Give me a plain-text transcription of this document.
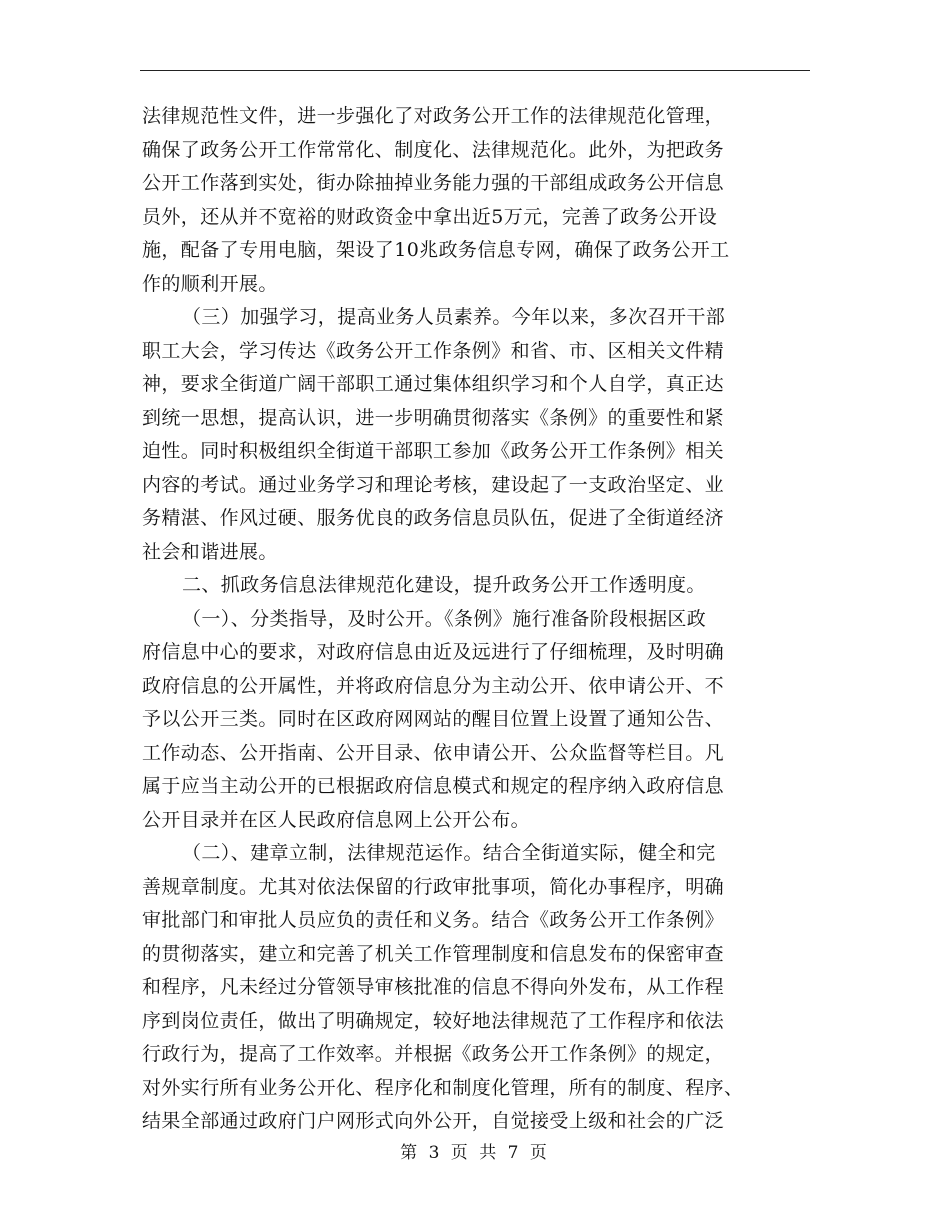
法律规范性文件，进一步强化了对政务公开工作的法律规范化管理，
确保了政务公开工作常常化、制度化、法律规范化。此外，为把政务
公开工作落到实处，街办除抽掉业务能力强的干部组成政务公开信息
员外，还从并不宽裕的财政资金中拿出近5万元，完善了政务公开设
施，配备了专用电脑，架设了10兆政务信息专网，确保了政务公开工
作的顺利开展。
（三）加强学习，提高业务人员素养。今年以来，多次召开干部
职工大会，学习传达《政务公开工作条例》和省、市、区相关文件精
神，要求全街道广阔干部职工通过集体组织学习和个人自学，真正达
到统一思想，提高认识，进一步明确贯彻落实《条例》的重要性和紧
迫性。同时积极组织全街道干部职工参加《政务公开工作条例》相关
内容的考试。通过业务学习和理论考核，建设起了一支政治坚定、业
务精湛、作风过硬、服务优良的政务信息员队伍，促进了全街道经济
社会和谐进展。
二、抓政务信息法律规范化建设，提升政务公开工作透明度。
（一）、分类指导，及时公开。《条例》施行准备阶段根据区政
府信息中心的要求，对政府信息由近及远进行了仔细梳理，及时明确
政府信息的公开属性，并将政府信息分为主动公开、依申请公开、不
予以公开三类。同时在区政府网网站的醒目位置上设置了通知公告、
工作动态、公开指南、公开目录、依申请公开、公众监督等栏目。凡
属于应当主动公开的已根据政府信息模式和规定的程序纳入政府信息
公开目录并在区人民政府信息网上公开公布。
（二）、建章立制，法律规范运作。结合全街道实际，健全和完
善规章制度。尤其对依法保留的行政审批事项，简化办事程序，明确
审批部门和审批人员应负的责任和义务。结合《政务公开工作条例》
的贯彻落实，建立和完善了机关工作管理制度和信息发布的保密审查
和程序，凡未经过分管领导审核批准的信息不得向外发布，从工作程
序到岗位责任，做出了明确规定，较好地法律规范了工作程序和依法
行政行为，提高了工作效率。并根据《政务公开工作条例》的规定，
对外实行所有业务公开化、程序化和制度化管理，所有的制度、程序、
结果全部通过政府门户网形式向外公开，自觉接受上级和社会的广泛
第 3 页 共 7 页
